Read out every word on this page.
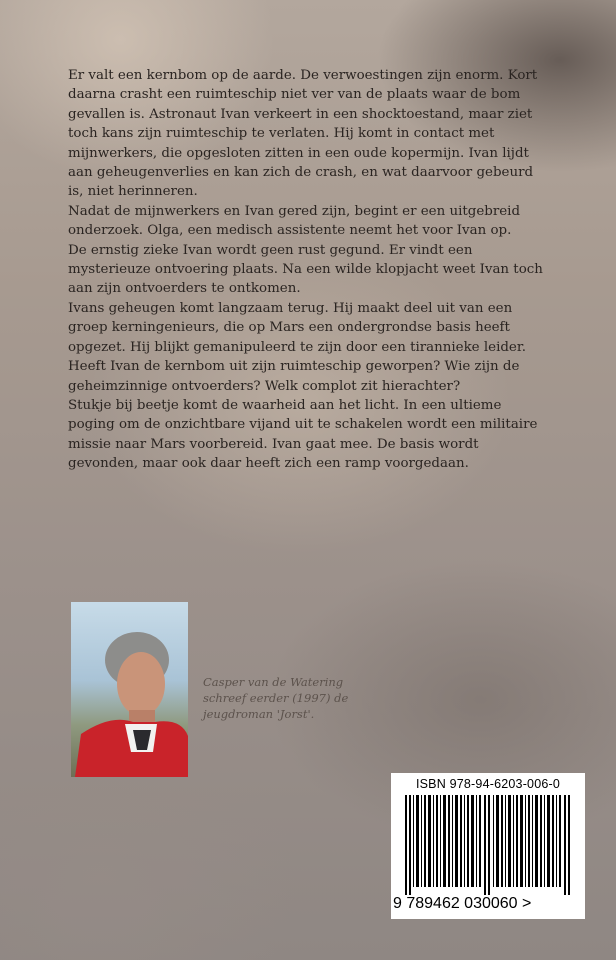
Er valt een kernbom op de aarde. De verwoestingen zijn enorm. Kort daarna crasht een ruimteschip niet ver van de plaats waar de bom gevallen is. Astronaut Ivan verkeert in een shocktoestand, maar ziet toch kans zijn ruimteschip te verlaten. Hij komt in contact met mijnwerkers, die opgesloten zitten in een oude kopermijn. Ivan lijdt aan geheugenverlies en kan zich de crash, en wat daarvoor gebeurd is, niet herinneren.

Nadat de mijnwerkers en Ivan gered zijn, begint er een uitgebreid onderzoek. Olga, een medisch assistente neemt het voor Ivan op.

De ernstig zieke Ivan wordt geen rust gegund. Er vindt een mysterieuze ontvoering plaats. Na een wilde klopjacht weet Ivan toch aan zijn ontvoerders te ontkomen.

Ivans geheugen komt langzaam terug. Hij maakt deel uit van een groep kerningenieurs, die op Mars een ondergrondse basis heeft opgezet. Hij blijkt gemanipuleerd te zijn door een tirannieke leider.

Heeft Ivan de kernbom uit zijn ruimteschip geworpen? Wie zijn de geheimzinnige ontvoerders? Welk complot zit hierachter?

Stukje bij beetje komt de waarheid aan het licht. In een ultieme poging om de onzichtbare vijand uit te schakelen wordt een militaire missie naar Mars voorbereid. Ivan gaat mee. De basis wordt gevonden, maar ook daar heeft zich een ramp voorgedaan.

Casper van de Watering schreef eerder (1997) de jeugdroman 'Jorst'.
ISBN 978-94-6203-006-0
9 789462 030060 >
